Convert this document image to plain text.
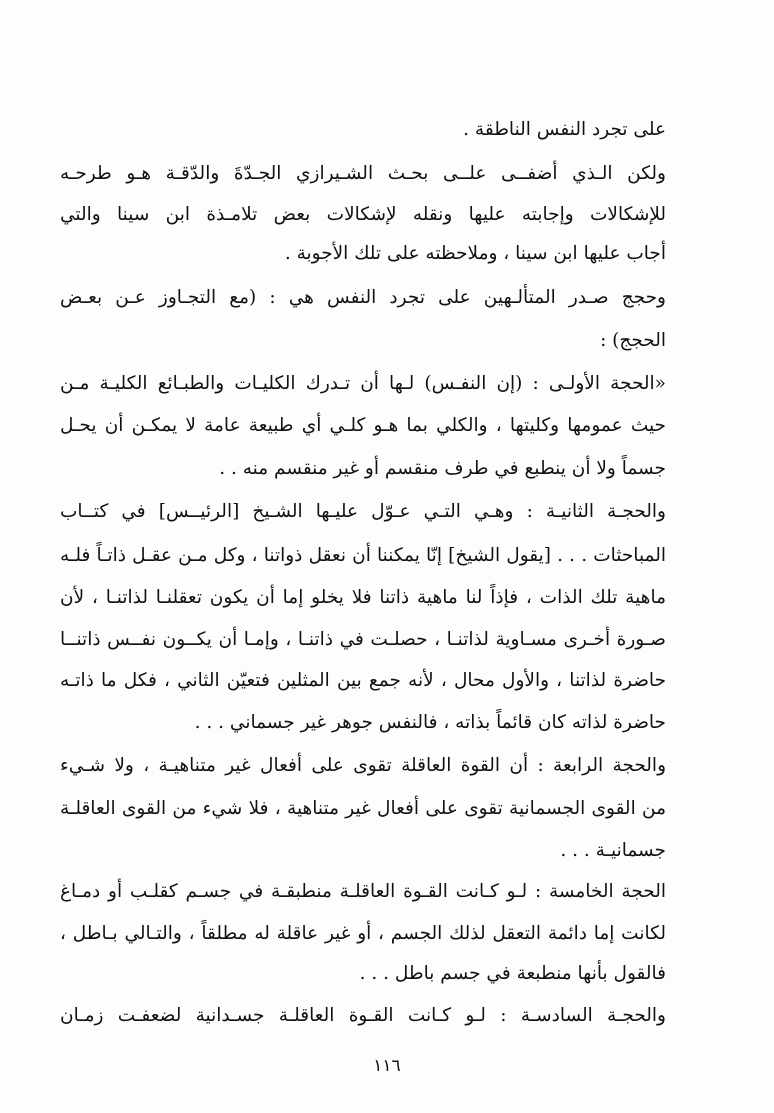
على تجرد النفس الناطقة .
ولكن الـذي أضفــى علــى بحـث الشـيرازي الجـدّةَ والدّقـة هـو طرحـه
للإشكالات وإجابته عليها ونقله لإشكالات بعض تلامـذة ابن سينا والتي
أجاب عليها ابن سينا ، وملاحظته على تلك الأجوبة .
وحجج صـدر المتألـهين على تجرد النفس هي : (مع التجـاوز عـن بعـض
الحجج) :
«الحجة الأولـى : (إن النفـس) لـها أن تـدرك الكليـات والطبـائع الكليـة مـن
حيث عمومها وكليتها ، والكلي بما هـو كلـي أي طبيعة عامة لا يمكـن أن يحـل
جسماً ولا أن ينطبع في طرف منقسم أو غير منقسم منه . .
والحجـة الثانيـة : وهـي التـي عـوّل عليـها الشـيخ [الرئيــس] في كتــاب
المباحثات . . . [يقول الشيخ] إنّا يمكننا أن نعقل ذواتنا ، وكل مـن عقـل ذاتـاً فلـه
ماهية تلك الذات ، فإذاً لنا ماهية ذاتنا فلا يخلو إما أن يكون تعقلنـا لذاتنـا ، لأن
صـورة أخـرى مسـاوية لذاتنـا ، حصلـت في ذاتنـا ، وإمـا أن يكــون نفــس ذاتنــا
حاضرة لذاتنا ، والأول محال ، لأنه جمع بين المثلين فتعيّن الثاني ، فكل ما ذاتـه
حاضرة لذاته كان قائماً بذاته ، فالنفس جوهر غير جسماني . . .
والحجة الرابعة : أن القوة العاقلة تقوى على أفعال غير متناهيـة ، ولا شـيء
من القوى الجسمانية تقوى على أفعال غير متناهية ، فلا شيء من القوى العاقلـة
جسمانيـة . . .
الحجة الخامسة : لـو كـانت القـوة العاقلـة منطبقـة في جسـم كقلـب أو دمـاغ
لكانت إما دائمة التعقل لذلك الجسم ، أو غير عاقلة له مطلقاً ، والتـالي بـاطل ،
فالقول بأنها منطبعة في جسم باطل . . .
والحجـة السادسـة : لـو كـانت القـوة العاقلـة جسـدانية لضعفـت زمـان
١١٦
